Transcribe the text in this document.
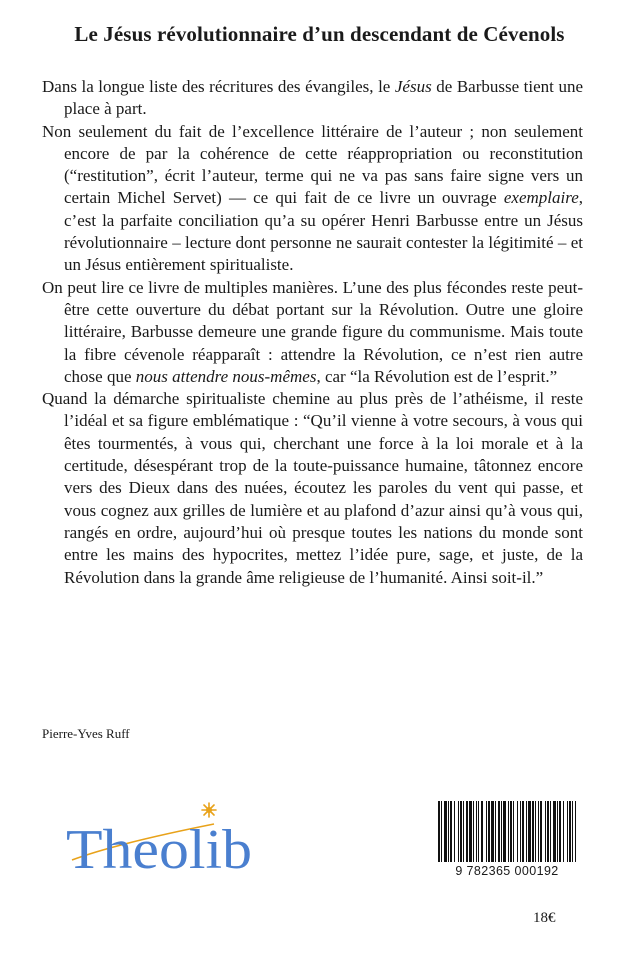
Le Jésus révolutionnaire d’un descendant de Cévenols

Dans la longue liste des récritures des évangiles, le Jésus de Barbusse tient une place à part.

Non seulement du fait de l’excellence littéraire de l’auteur ; non seulement encore de par la cohérence de cette réappropriation ou reconstitution (“restitution”, écrit l’auteur, terme qui ne va pas sans faire signe vers un certain Michel Servet) — ce qui fait de ce livre un ouvrage exemplaire, c’est la parfaite conciliation qu’a su opérer Henri Barbusse entre un Jésus révolutionnaire – lecture dont personne ne saurait contester la légitimité – et un Jésus entièrement spiritualiste.

On peut lire ce livre de multiples manières. L’une des plus fécondes reste peut-être cette ouverture du débat portant sur la Révolution. Outre une gloire littéraire, Barbusse demeure une grande figure du communisme. Mais toute la fibre cévenole réapparaît : attendre la Révolution, ce n’est rien autre chose que nous attendre nous-mêmes, car “la Révolution est de l’esprit.”

Quand la démarche spiritualiste chemine au plus près de l’athéisme, il reste l’idéal et sa figure emblématique : “Qu’il vienne à votre secours, à vous qui êtes tourmentés, à vous qui, cherchant une force à la loi morale et à la certitude, désespérant trop de la toute-puissance humaine, tâtonnez encore vers des Dieux dans des nuées, écoutez les paroles du vent qui passe, et vous cognez aux grilles de lumière et au plafond d’azur ainsi qu’à vous qui, rangés en ordre, aujourd’hui où presque toutes les nations du monde sont entre les mains des hypocrites, mettez l’idée pure, sage, et juste, de la Révolution dans la grande âme religieuse de l’humanité. Ainsi soit-il.”

Pierre-Yves Ruff
Theolib	9 782365 000192
18€
